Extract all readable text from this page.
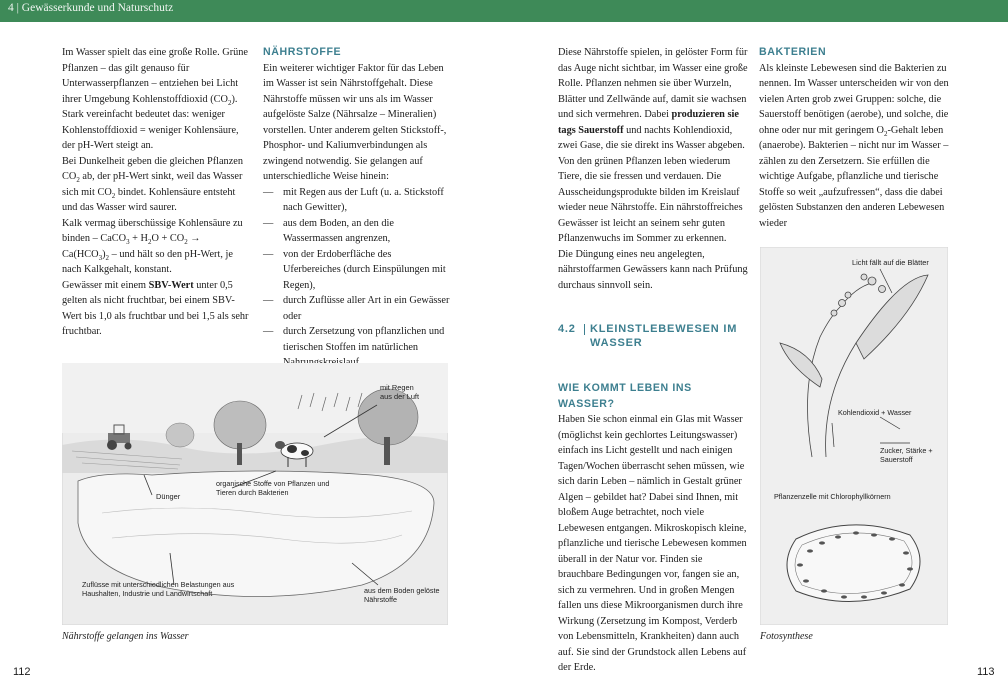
4 | Gewässerkunde und Naturschutz

Im Wasser spielt das eine große Rolle. Grüne Pflanzen – das gilt genauso für Unterwasserpflanzen – entziehen bei Licht ihrer Umgebung Kohlenstoffdioxid $(CO_2)$. Stark vereinfacht bedeutet das: weniger Kohlenstoffdioxid = weniger Kohlensäure, der pH-Wert steigt an.

Bei Dunkelheit geben die gleichen Pflanzen $CO_2$ ab, der pH-Wert sinkt, weil das Wasser sich mit $CO_2$ bindet. Kohlensäure entsteht und das Wasser wird saurer.

Kalk vermag überschüssige Kohlensäure zu binden – CaCO$_3$ + $H_2O + CO_2 \to Ca(HCO_3)_2$ – und hält so den pH-Wert, je nach Kalkgehalt, konstant.

Gewässer mit einem SBV-Wert unter 0,5 gelten als nicht fruchtbar, bei einem SBV-Wert bis 1,0 als fruchtbar und bei 1,5 als sehr fruchtbar.

NÄHRSTOFFE

Ein weiterer wichtiger Faktor für das Leben im Wasser ist sein Nährstoffgehalt. Diese Nährstoffe müssen wir uns als im Wasser aufgelöste Salze (Nährsalze – Mineralien) vorstellen. Unter anderem gelten Stickstoff-, Phosphor- und Kaliumverbindungen als zwingend notwendig. Sie gelangen auf unterschiedliche Weise hinein:

— mit Regen aus der Luft (u. a. Stickstoff nach Gewitter),
— aus dem Boden, an den die Wassermassen angrenzen,
— von der Erdoberfläche des Uferbereiches (durch Einspülungen mit Regen),
— durch Zuflüsse aller Art in ein Gewässer oder
— durch Zersetzung von pflanzlichen und tierischen Stoffen im natürlichen

Diese Nährstoffe spielen, in gelöster Form für das Auge nicht sichtbar, im Wasser eine große Rolle. Pflanzen nehmen sie über Wurzeln, Blätter und Zellwände auf, damit sie wachsen und sich vermehren. Dabei produzieren sie tags Sauerstoff und nachts Kohlendioxid, zwei Gase, die sie direkt ins Wasser abgeben. Von den grünen Pflanzen leben wiederum Tiere, die sie fressen und verdauen. Die Ausscheidungsprodukte bilden im Kreislauf wieder neue Nährstoffe. Ein nährstoffreiches Gewässer ist leicht an seinem sehr guten Pflanzenwuchs im Sommer zu erkennen.

Die Düngung eines neu angelegten, nährstoffarmen Gewässers kann nach Prüfung durchaus sinnvoll sein.

4.2 KLEINSTLEBEWESEN IM WASSER
WIE KOMMT LEBEN INS WASSER?

Haben Sie schon einmal ein Glas mit Wasser (möglichst kein gechlortes Leitungswasser) einfach ins Licht gestellt und nach einigen Tagen/Wochen überrascht sehen müssen, wie sich darin Leben – nämlich in Gestalt grüner Algen – gebildet hat? Dabei sind Ihnen, mit bloßem Auge betrachtet, noch viele Lebewesen entgangen. Mikroskopisch kleine, pflanzliche und tierische Lebewesen kommen überall in der Natur vor. Finden sie brauchbare Bedingungen vor, fangen sie an, sich zu vermehren. Und in großen Mengen fallen uns diese Mikroorganismen durch ihre Wirkung (Zersetzung im Kompost, Verderb von Lebensmitteln, Krankheiten) dann auch auf. Sie sind der Grundstock allen Lebens auf der Erde.

BAKTERIEN

Als kleinste Lebewesen sind die Bakterien zu nennen. Im Wasser unterscheiden wir von den vielen Arten grob zwei Gruppen: solche, die Sauerstoff benötigen (aerobe), und solche, die ohne oder nur mit geringem $O_2$-Gehalt leben (anaerobe). Bakterien – nicht nur im Wasser – zählen zu den Zersetzern. Sie erfüllen die wichtige Aufgabe, pflanzliche und tierische Stoffe so weit „aufzufressen“, dass die dabei gelösten Substanzen den anderen Lebewesen wieder

mit Regen
aus der Luft
organische Stoffe von Pflanzen und Tieren durch Bakterien
Dünger
Zuflüsse mit unterschiedlichen Belastungen aus Haushalten, Industrie und Landwirtschaft	aus dem Boden gelöste Nährstoffe
Nährstoffe gelangen ins Wasser
Licht fällt auf die Blätter
Kohlendioxid + Wasser
Zucker, Stärke + Sauerstoff
Pflanzenzelle mit Chlorophyllkörnern
Fotosynthese
112	113
